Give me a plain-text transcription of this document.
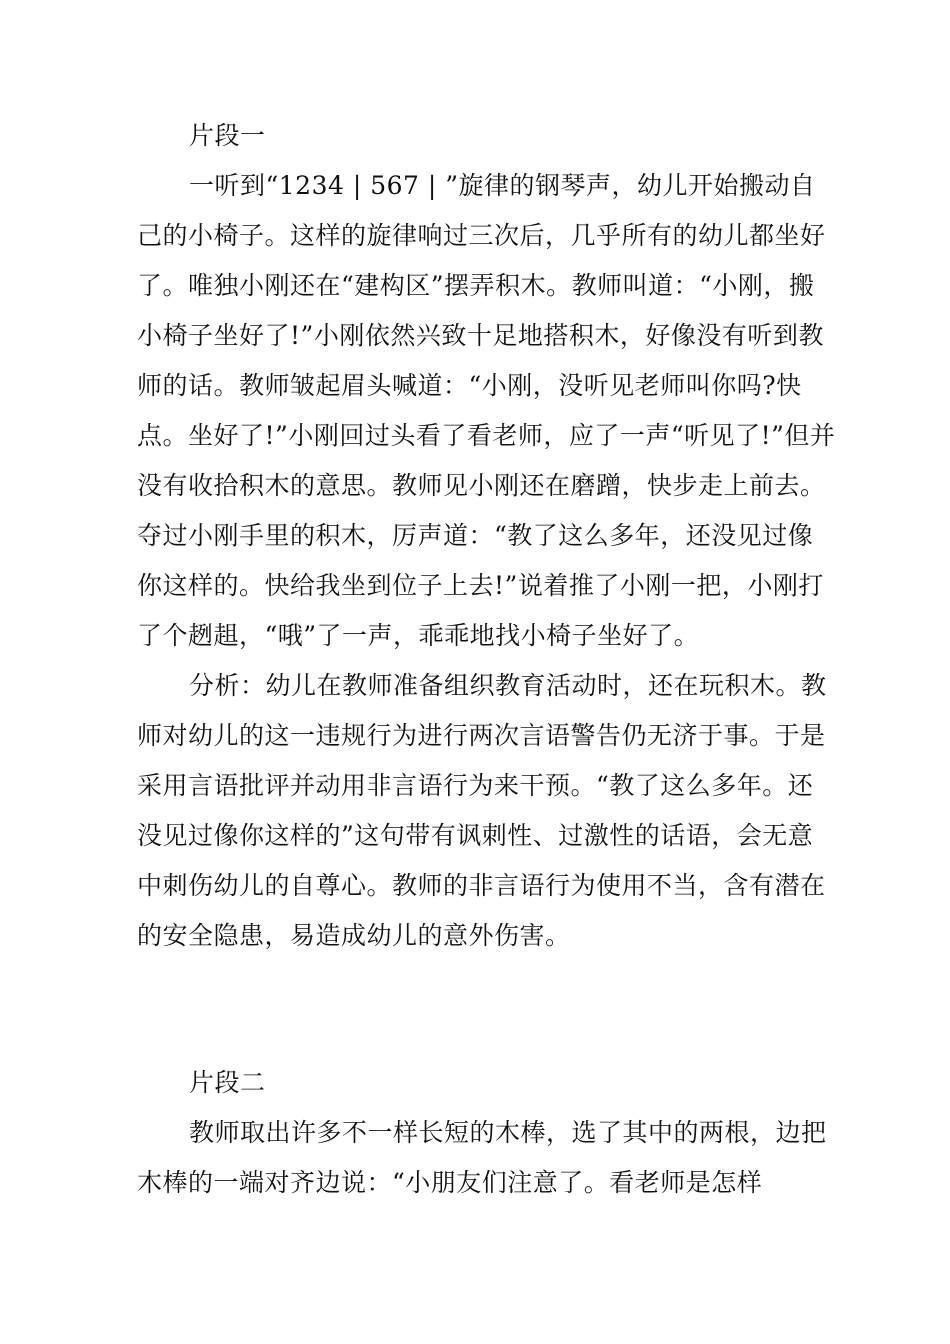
片段一

一听到“1234 | 567 | ”旋律的钢琴声，幼儿开始搬动自己的小椅子。这样的旋律响过三次后，几乎所有的幼儿都坐好了。唯独小刚还在“建构区”摆弄积木。教师叫道：“小刚，搬小椅子坐好了!”小刚依然兴致十足地搭积木，好像没有听到教师的话。教师皱起眉头喊道：“小刚，没听见老师叫你吗?快点。坐好了!”小刚回过头看了看老师，应了一声“听见了!”但并没有收拾积木的意思。教师见小刚还在磨蹭，快步走上前去。夺过小刚手里的积木，厉声道：“教了这么多年，还没见过像你这样的。快给我坐到位子上去!”说着推了小刚一把，小刚打了个趔趄，“哦”了一声，乖乖地找小椅子坐好了。

分析：幼儿在教师准备组织教育活动时，还在玩积木。教师对幼儿的这一违规行为进行两次言语警告仍无济于事。于是采用言语批评并动用非言语行为来干预。“教了这么多年。还没见过像你这样的”这句带有讽刺性、过激性的话语，会无意中刺伤幼儿的自尊心。教师的非言语行为使用不当，含有潜在的安全隐患，易造成幼儿的意外伤害。

片段二

教师取出许多不一样长短的木棒，选了其中的两根，边把木棒的一端对齐边说：“小朋友们注意了。看老师是怎样
